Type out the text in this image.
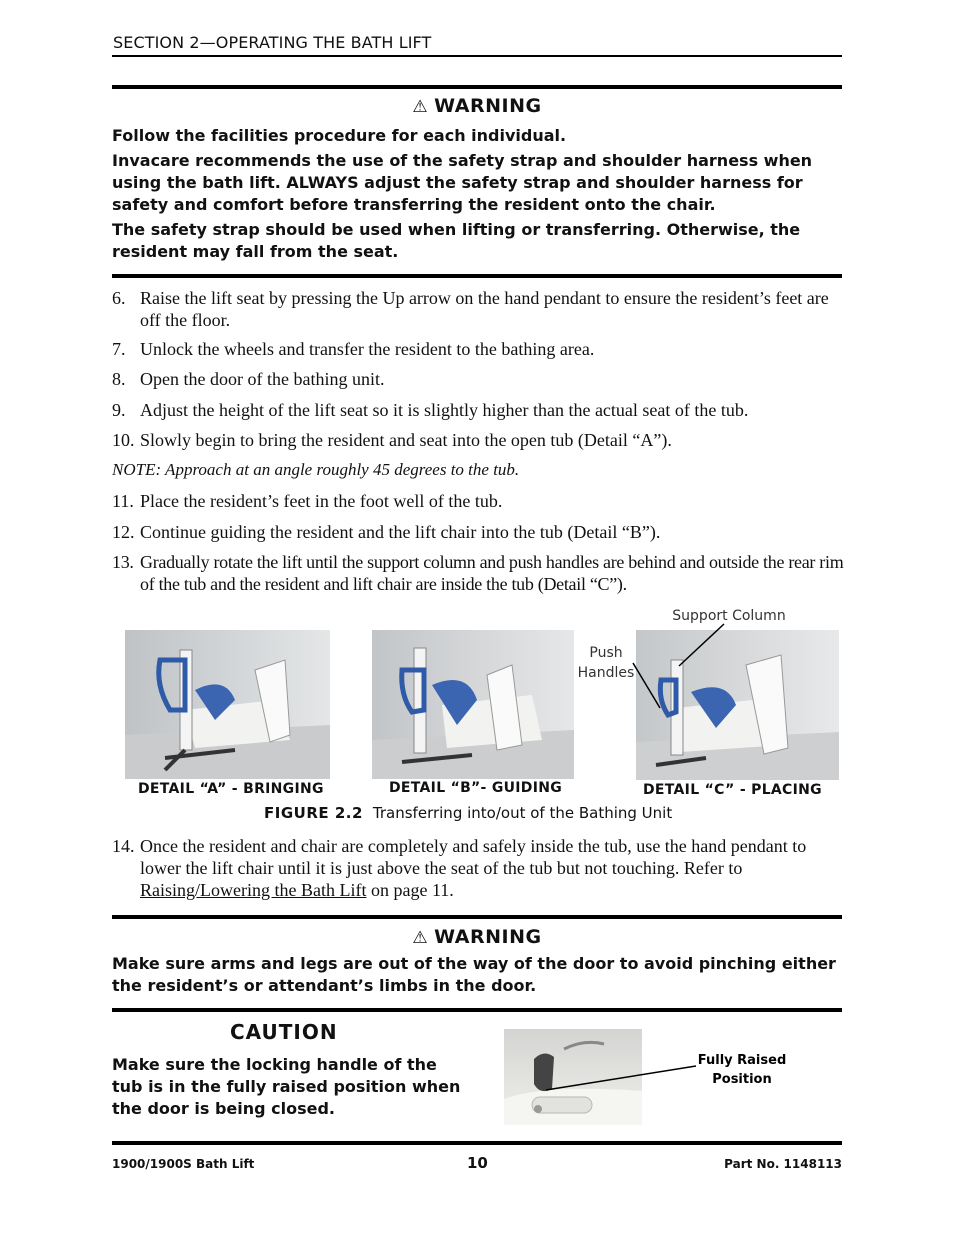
SECTION 2—OPERATING THE BATH LIFT
⚠ WARNING

Follow the facilities procedure for each individual.

Invacare recommends the use of the safety strap and shoulder harness when using the bath lift. ALWAYS adjust the safety strap and shoulder harness for safety and comfort before transferring the resident onto the chair.

The safety strap should be used when lifting or transferring. Otherwise, the resident may fall from the seat.

6. Raise the lift seat by pressing the Up arrow on the hand pendant to ensure the resident’s feet are off the floor.
7. Unlock the wheels and transfer the resident to the bathing area.
8. Open the door of the bathing unit.
9. Adjust the height of the lift seat so it is slightly higher than the actual seat of the tub.
10. Slowly begin to bring the resident and seat into the open tub (Detail “A”).
NOTE: Approach at an angle roughly 45 degrees to the tub.
11. Place the resident’s feet in the foot well of the tub.
12. Continue guiding the resident and the lift chair into the tub (Detail “B”).
13. Gradually rotate the lift until the support column and push handles are behind and outside the rear rim of the tub and the resident and lift chair are inside the tub (Detail “C”).
Support Column
Push
Handles
DETAIL “A” - BRINGING	DETAIL “B”- GUIDING	DETAIL “C” - PLACING
FIGURE 2.2 Transferring into/out of the Bathing Unit
14. Once the resident and chair are completely and safely inside the tub, use the hand pendant to lower the lift chair until it is just above the seat of the tub but not touching. Refer to Raising/Lowering the Bath Lift on page 11.
⚠ WARNING

Make sure arms and legs are out of the way of the door to avoid pinching either the resident’s or attendant’s limbs in the door.

CAUTION

Make sure the locking handle of the tub is in the fully raised position when the door is being closed.

Fully Raised
Position
1900/1900S Bath Lift	10	Part No. 1148113
